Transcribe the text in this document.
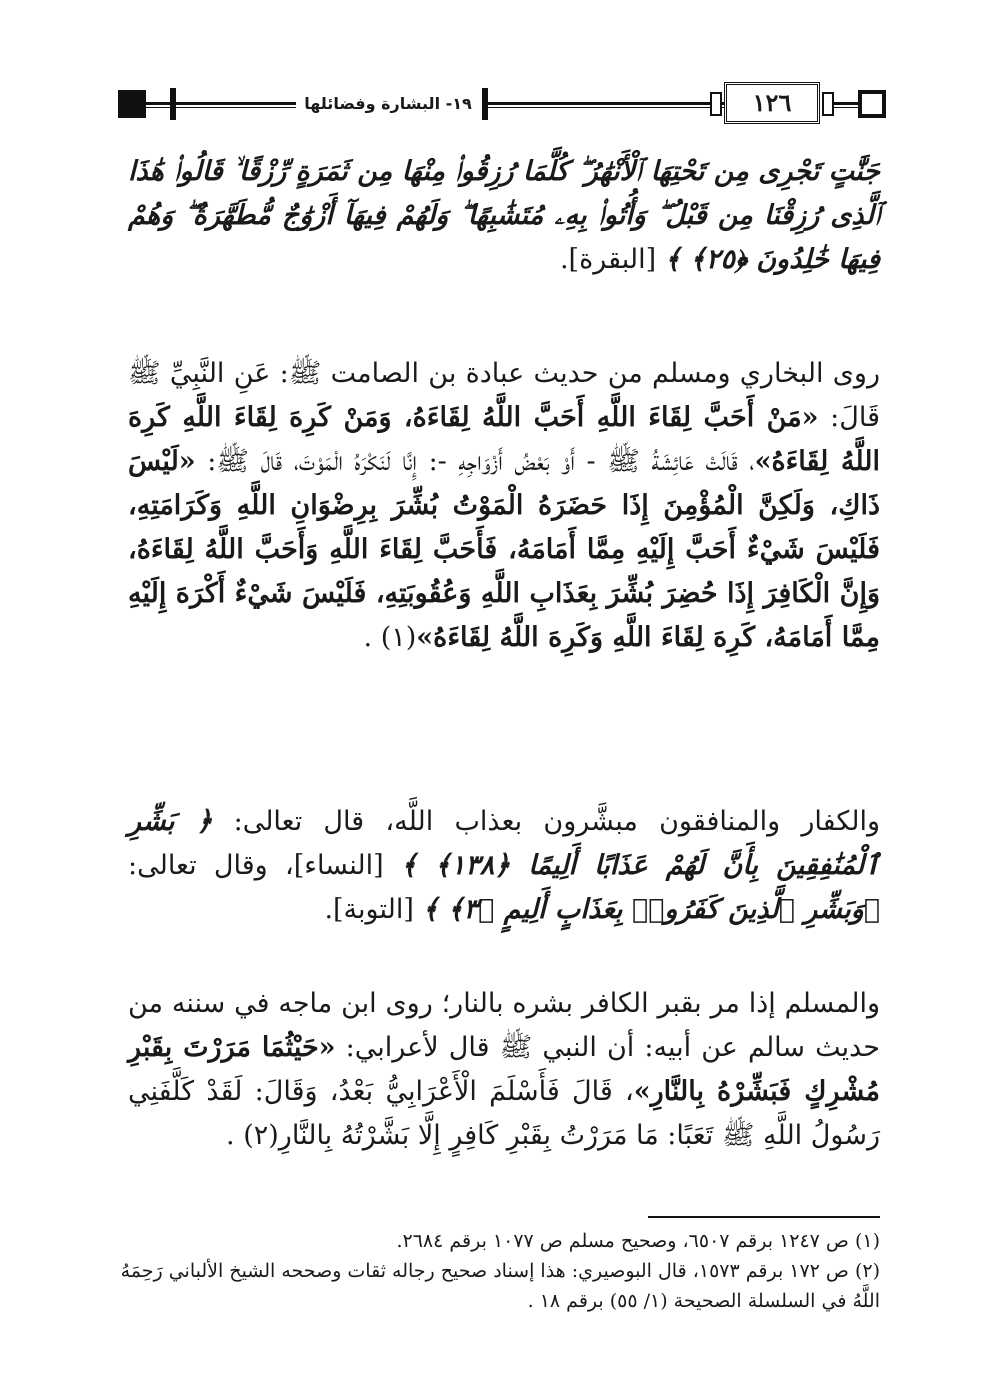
١٩- البشارة وفضائلها	١٢٦

جَنَّٰتٍ تَجْرِى مِن تَحْتِهَا ٱلْأَنْهَٰرُ ۖ كُلَّمَا رُزِقُوا۟ مِنْهَا مِن ثَمَرَةٍ رِّزْقًا ۙ قَالُوا۟ هَٰذَا ٱلَّذِى رُزِقْنَا مِن قَبْلُ ۖ وَأُتُوا۟ بِهِۦ مُتَشَٰبِهًا ۖ وَلَهُمْ فِيهَآ أَزْوَٰجٌ مُّطَهَّرَةٌ ۖ وَهُمْ فِيهَا خَٰلِدُونَ ﴿٢٥﴾ ﴾ [البقرة].

روى البخاري ومسلم من حديث عبادة بن الصامت ﷺ: عَنِ النَّبِيِّ ﷺ قَالَ: «مَنْ أَحَبَّ لِقَاءَ اللَّهِ أَحَبَّ اللَّهُ لِقَاءَهُ، وَمَنْ كَرِهَ لِقَاءَ اللَّهِ كَرِهَ اللَّهُ لِقَاءَهُ»، قَالَتْ عَائِشَةُ ﷺ - أَوْ بَعْضُ أَزْوَاجِهِ -: إِنَّا لَنَكْرَهُ الْمَوْتَ، قَالَ ﷺ: «لَيْسَ ذَاكِ، وَلَكِنَّ الْمُؤْمِنَ إِذَا حَضَرَهُ الْمَوْتُ بُشِّرَ بِرِضْوَانِ اللَّهِ وَكَرَامَتِهِ، فَلَيْسَ شَيْءٌ أَحَبَّ إِلَيْهِ مِمَّا أَمَامَهُ، فَأَحَبَّ لِقَاءَ اللَّهِ وَأَحَبَّ اللَّهُ لِقَاءَهُ، وَإِنَّ الْكَافِرَ إِذَا حُضِرَ بُشِّرَ بِعَذَابِ اللَّهِ وَعُقُوبَتِهِ، فَلَيْسَ شَيْءٌ أَكْرَهَ إِلَيْهِ مِمَّا أَمَامَهُ، كَرِهَ لِقَاءَ اللَّهِ وَكَرِهَ اللَّهُ لِقَاءَهُ»(١) .

والكفار والمنافقون مبشَّرون بعذاب اللَّه، قال تعالى: ﴿ بَشِّرِ ٱلْمُنَٰفِقِينَ بِأَنَّ لَهُمْ عَذَابًا أَلِيمًا ﴿١٣٨﴾ ﴾ [النساء]، وقال تعالى: ﴿وَبَشِّرِ ٱلَّذِينَ كَفَرُوا۟ بِعَذَابٍ أَلِيمٍ ﴿٣﴾ ﴾ [التوبة].

والمسلم إذا مر بقبر الكافر بشره بالنار؛ روى ابن ماجه في سننه من حديث سالم عن أبيه: أن النبي ﷺ قال لأعرابي: «حَيْثُمَا مَرَرْتَ بِقَبْرِ مُشْرِكٍ فَبَشِّرْهُ بِالنَّارِ»، قَالَ فَأَسْلَمَ الْأَعْرَابِيُّ بَعْدُ، وَقَالَ: لَقَدْ كَلَّفَنِي رَسُولُ اللَّهِ ﷺ تَعَبًا: مَا مَرَرْتُ بِقَبْرِ كَافِرٍ إِلَّا بَشَّرْتُهُ بِالنَّارِ(٢) .

(١) ص ١٢٤٧ برقم ٦٥٠٧، وصحيح مسلم ص ١٠٧٧ برقم ٢٦٨٤.

(٢) ص ١٧٢ برقم ١٥٧٣، قال البوصيري: هذا إسناد صحيح رجاله ثقات وصححه الشيخ الألباني رَحِمَهُ اللَّهُ في السلسلة الصحيحة (١/ ٥٥) برقم ١٨ .
